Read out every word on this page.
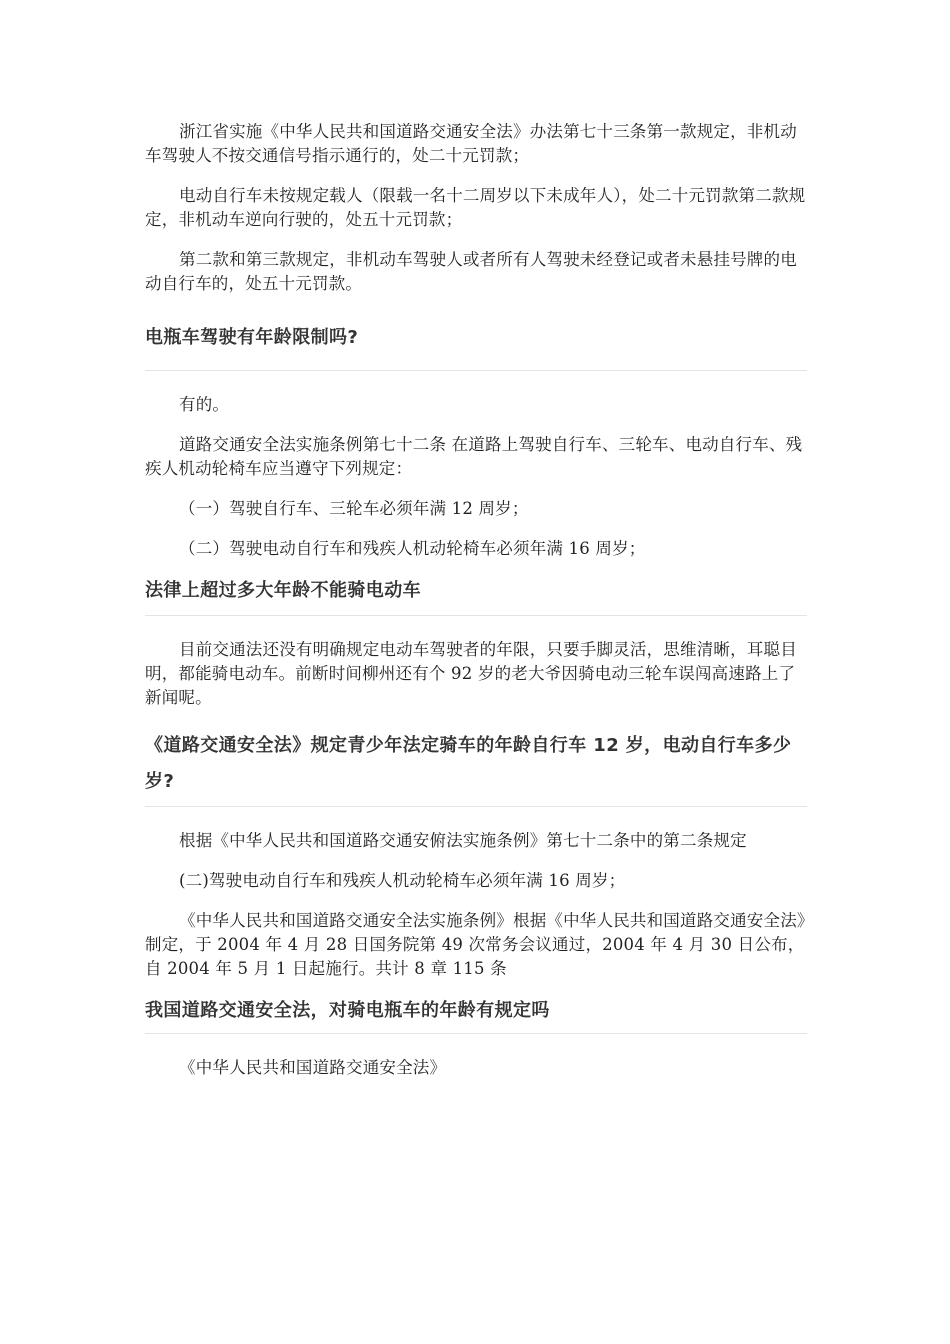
浙江省实施《中华人民共和国道路交通安全法》办法第七十三条第一款规定，非机动车驾驶人不按交通信号指示通行的，处二十元罚款；

电动自行车未按规定载人（限载一名十二周岁以下未成年人），处二十元罚款第二款规定，非机动车逆向行驶的，处五十元罚款；

第二款和第三款规定，非机动车驾驶人或者所有人驾驶未经登记或者未悬挂号牌的电动自行车的，处五十元罚款。

电瓶车驾驶有年龄限制吗?

有的。

道路交通安全法实施条例第七十二条 在道路上驾驶自行车、三轮车、电动自行车、残疾人机动轮椅车应当遵守下列规定：

（一）驾驶自行车、三轮车必须年满 12 周岁；

（二）驾驶电动自行车和残疾人机动轮椅车必须年满 16 周岁；

法律上超过多大年龄不能骑电动车

目前交通法还没有明确规定电动车驾驶者的年限，只要手脚灵活，思维清晰，耳聪目明，都能骑电动车。前断时间柳州还有个 92 岁的老大爷因骑电动三轮车误闯高速路上了新闻呢。

《道路交通安全法》规定青少年法定骑车的年龄自行车 12 岁，电动自行车多少岁?

根据《中华人民共和国道路交通安俯法实施条例》第七十二条中的第二条规定

(二)驾驶电动自行车和残疾人机动轮椅车必须年满 16 周岁；

《中华人民共和国道路交通安全法实施条例》根据《中华人民共和国道路交通安全法》制定，于 2004 年 4 月 28 日国务院第 49 次常务会议通过，2004 年 4 月 30 日公布，自 2004 年 5 月 1 日起施行。共计 8 章 115 条

我国道路交通安全法，对骑电瓶车的年龄有规定吗

《中华人民共和国道路交通安全法》
